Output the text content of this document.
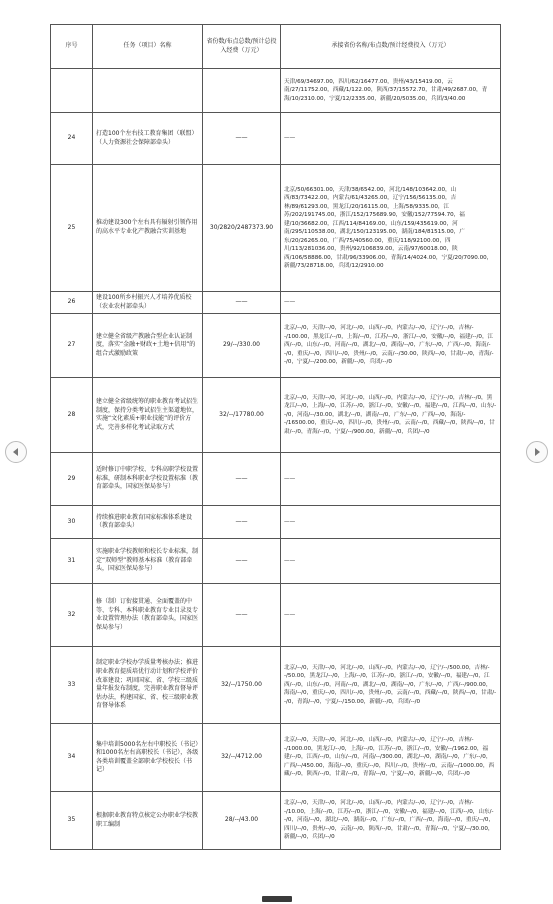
序号	任务（项目）名称	省份数/布点总数/预计总投入经费（万元）	承接省份名称/布点数/预计经费投入（万元）
			天津/69/34697.00，四川/62/16477.00，贵州/43/15419.00，云南/27/11752.00，西藏/1/122.00，陕西/37/15572.70，甘肃/49/2687.00，青海/10/2310.00，宁夏/12/2335.00，新疆/20/5035.00，兵团/3/40.00
24	打造100个左右技工教育集团（联盟）（人力资源社会保障部牵头）	——	——
25	推动建设300个左右具有辐射引领作用的高水平专业化产教融合实训基地	30/2820/2487373.90	北京/50/66301.00，天津/38/6542.00，河北/148/103642.00，山西/83/73422.00，内蒙古/61/43265.00，辽宁/156/56135.00，吉林/89/61293.00，黑龙江/20/16115.00，上海/58/9335.00，江苏/202/191745.00，浙江/152/175689.90，安徽/152/77594.70，福建/10/36682.00，江西/114/84169.00，山东/159/435619.00，河南/295/110538.00，湖北/150/123195.00，湖南/184/81515.00，广东/20/26265.00，广西/75/40560.00，重庆/118/92100.00，四川/113/281036.00，贵州/92/106839.00，云南/97/60018.00，陕西/106/58886.00，甘肃/96/33906.00，青海/14/4024.00，宁夏/20/7090.00，新疆/73/28718.00，兵团/12/2910.00
26	建设100所乡村振兴人才培养优质校（农业农村部牵头）	——	——
27	建立健全省级产教融合型企业认证制度，落实“金融+财政+土地+信用”的组合式激励政策	29/--/330.00	北京/--/0，天津/--/0，河北/--/0，山西/--/0，内蒙古/--/0，辽宁/--/0，吉林/--/100.00，黑龙江/--/0，上海/--/0，江苏/--/0，浙江/--/0，安徽/--/0，福建/--/0，江西/--/0，山东/--/0，河南/--/0，湖北/--/0，湖南/--/0，广东/--/0，广西/--/0，海南/--/0，重庆/--/0，四川/--/0，贵州/--/0，云南/--/30.00，陕西/--/0，甘肃/--/0，青海/--/0，宁夏/--/200.00，新疆/--/0，兵团/--/0
28	建立健全省级统筹的职业教育考试招生制度，保持分类考试招生主渠道地位，实施“文化素质+职业技能”的评价方式，完善多样化考试录取方式	32/--/17780.00	北京/--/0，天津/--/0，河北/--/0，山西/--/0，内蒙古/--/0，辽宁/--/0，吉林/--/0，黑龙江/--/0，上海/--/0，江苏/--/0，浙江/--/0，安徽/--/0，福建/--/0，江西/--/0，山东/--/0，河南/--/30.00，湖北/--/0，湖南/--/0，广东/--/0，广西/--/0，海南/--/16500.00，重庆/--/0，四川/--/0，贵州/--/0，云南/--/0，西藏/--/0，陕西/--/0，甘肃/--/0，青海/--/0，宁夏/--/900.00，新疆/--/0，兵团/--/0
29	适时修订中职学校、专科高职学校设置标准，研制本科职业学校设置标准（教育部牵头，国家医保局参与）	——	——
30	持续推进职业教育国家标准体系建设（教育部牵头）	——	——
31	实施职业学校教师和校长专业标准，制定“双师型”教师基本标准（教育部牵头，国家医保局参与）	——	——
32	修（制）订衔接贯通、全面覆盖的中等、专科、本科职业教育专业目录及专业设置管理办法（教育部牵头，国家医保局参与）	——	——
33	制定职业学校办学质量考核办法；推进职业教育提质培优行动计划和学校评价改革建设；巩固国家、省、学校三级质量年报发布制度，完善职业教育督导评估办法，构建国家、省、校三级职业教育督导体系	32/--/1750.00	北京/--/0，天津/--/0，河北/--/0，山西/--/0，内蒙古/--/0，辽宁/--/500.00，吉林/--/50.00，黑龙江/--/0，上海/--/0，江苏/--/0，浙江/--/0，安徽/--/0，福建/--/0，江西/--/0，山东/--/0，河南/--/0，湖北/--/0，湖南/--/0，广东/--/0，广西/--/900.00，海南/--/0，重庆/--/0，四川/--/0，贵州/--/0，云南/--/0，西藏/--/0，陕西/--/0，甘肃/--/0，青海/--/0，宁夏/--/150.00，新疆/--/0，兵团/--/0
34	集中培训5000名左右中职校长（书记）和1000名左右高职校长（书记），各级各类培训覆盖全部职业学校校长（书记）	32/--/4712.00	北京/--/0，天津/--/0，河北/--/0，山西/--/0，内蒙古/--/0，辽宁/--/0，吉林/--/1000.00，黑龙江/--/0，上海/--/0，江苏/--/0，浙江/--/0，安徽/--/1962.00，福建/--/0，江西/--/0，山东/--/0，河南/--/300.00，湖北/--/0，湖南/--/0，广东/--/0，广西/--/450.00，海南/--/0，重庆/--/0，四川/--/0，贵州/--/0，云南/--/1000.00，西藏/--/0，陕西/--/0，甘肃/--/0，青海/--/0，宁夏/--/0，新疆/--/0，兵团/--/0
35	根据职业教育特点核定公办职业学校教职工编制	28/--/43.00	北京/--/0，天津/--/0，河北/--/0，山西/--/0，内蒙古/--/0，辽宁/--/0，吉林/--/10.00，上海/--/0，江苏/--/0，浙江/--/0，安徽/--/0，福建/--/0，江西/--/0，山东/--/0，河南/--/0，湖北/--/0，湖南/--/0，广东/--/0，广西/--/0，海南/--/0，重庆/--/0，四川/--/0，贵州/--/0，云南/--/0，陕西/--/0，甘肃/--/0，青海/--/0，宁夏/--/30.00，新疆/--/0，兵团/--/0
